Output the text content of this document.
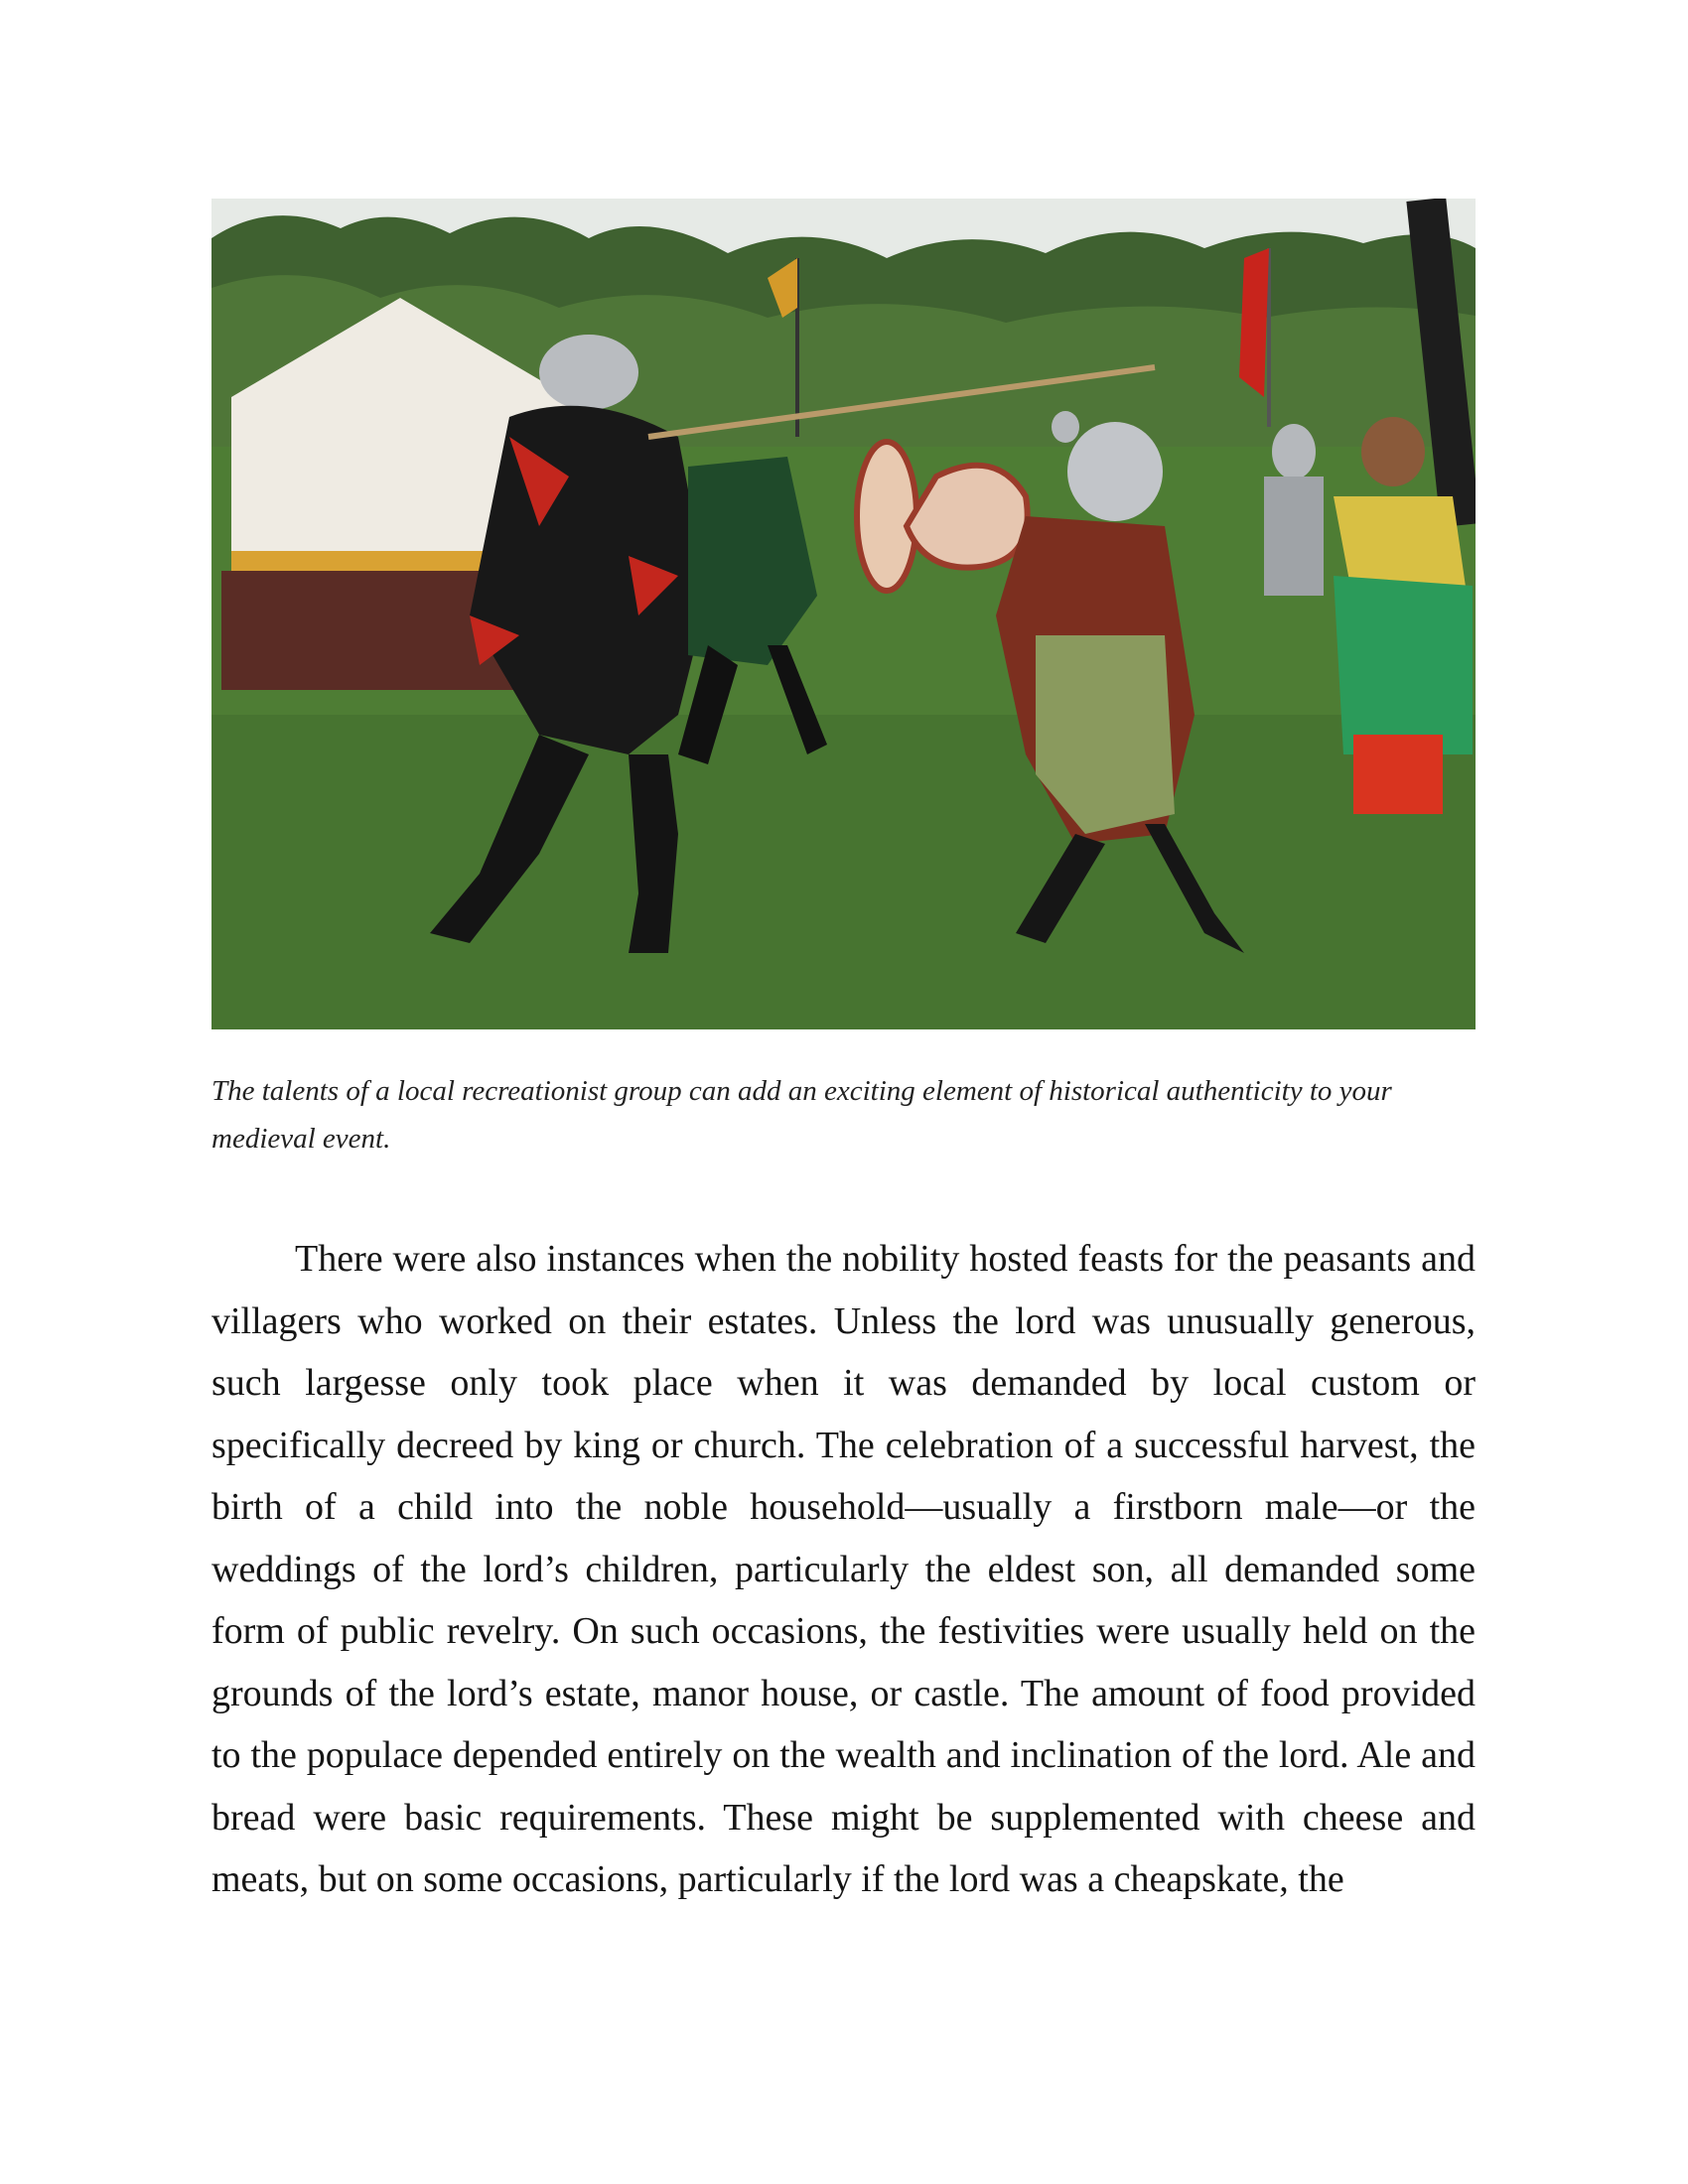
The talents of a local recreationist group can add an exciting element of historical authenticity to your medieval event.

There were also instances when the nobility hosted feasts for the peasants and villagers who worked on their estates. Unless the lord was unusually generous, such largesse only took place when it was demanded by local custom or specifically decreed by king or church. The celebration of a successful harvest, the birth of a child into the noble household—usually a firstborn male—or the weddings of the lord’s children, particularly the eldest son, all demanded some form of public revelry. On such occasions, the festivities were usually held on the grounds of the lord’s estate, manor house, or castle. The amount of food provided to the populace depended entirely on the wealth and inclination of the lord. Ale and bread were basic requirements. These might be supplemented with cheese and meats, but on some occasions, particularly if the lord was a cheapskate, the
